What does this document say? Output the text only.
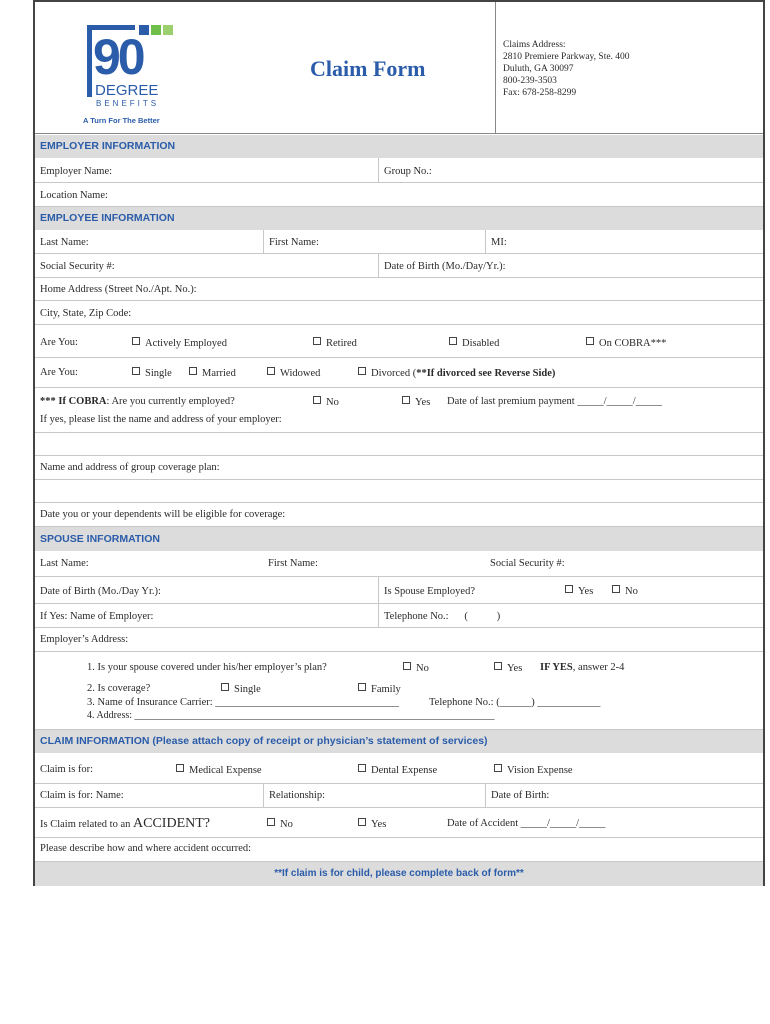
90
DEGREE
BENEFITS
A Turn For The Better
Claim Form
Claims Address:
2810 Premiere Parkway, Ste. 400
Duluth, GA 30097
800-239-3503
Fax: 678-258-8299
EMPLOYER INFORMATION
Employer Name:	Group No.:
Location Name:
EMPLOYEE INFORMATION
Last Name:	First Name:	MI:
Social Security #:	Date of Birth (Mo./Day/Yr.):
Home Address (Street No./Apt. No.):
City, State, Zip Code:
Are You:	Actively Employed	Retired	Disabled	On COBRA***
Are You:	Single	Married	Widowed	Divorced (**If divorced see Reverse Side)
*** If COBRA: Are you currently employed?	No	Yes Date of last premium payment _____/_____/_____
If yes, please list the name and address of your employer:
Name and address of group coverage plan:
Date you or your dependents will be eligible for coverage:
SPOUSE INFORMATION
Last Name:	First Name:	Social Security #:
Date of Birth (Mo./Day Yr.):	Is Spouse Employed?	Yes	No
If Yes: Name of Employer:	Telephone No.:      (           )
Employer’s Address:
1. Is your spouse covered under his/her employer’s plan?	No	Yes IF YES, answer 2-4
2. Is coverage?	Single	Family
3. Name of Insurance Carrier: ___________________________________	Telephone No.: (______) ____________
4. Address: ________________________________________________________________________
CLAIM INFORMATION (Please attach copy of receipt or physician’s statement of services)
Claim is for:	Medical Expense	Dental Expense	Vision Expense
Claim is for: Name:	Relationship:	Date of Birth:
Is Claim related to an ACCIDENT?	No	Yes	Date of Accident _____/_____/_____
Please describe how and where accident occurred:
**If claim is for child, please complete back of form**
